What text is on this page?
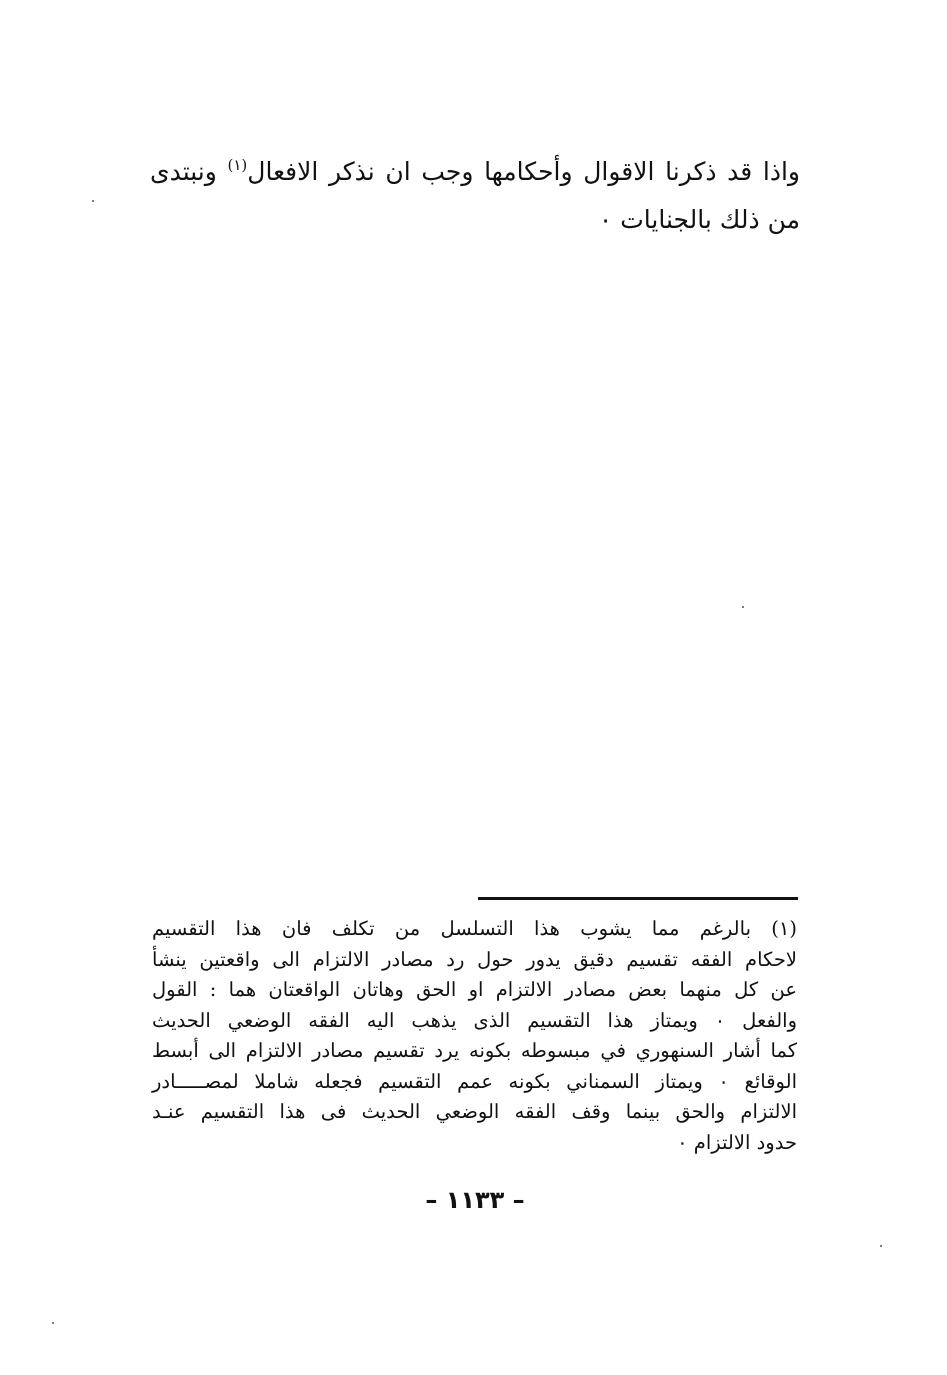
واذا قد ذكرنا الاقوال وأحكامها وجب ان نذكر الافعال$^{(١)}$ ونبتدى
من ذلك بالجنايات ٠
(١) بالرغم مما يشوب هذا التسلسل من تكلف فان هذا التقسيم
لاحكام الفقه تقسيم دقيق يدور حول رد مصادر الالتزام الى واقعتين ينشأ
عن كل منهما بعض مصادر الالتزام او الحق وهاتان الواقعتان هما : القول
والفعل ٠ ويمتاز هذا التقسيم الذى يذهب اليه الفقه الوضعي الحديث
كما أشار السنهوري في مبسوطه بكونه يرد تقسيم مصادر الالتزام الى أبسط
الوقائع ٠ ويمتاز السمناني بكونه عمم التقسيم فجعله شاملا لمصـــــادر
الالتزام والحق بينما وقف الفقه الوضعي الحديث فى هذا التقسيم عنـد
حدود الالتزام ٠
– ١١٣٣ –
